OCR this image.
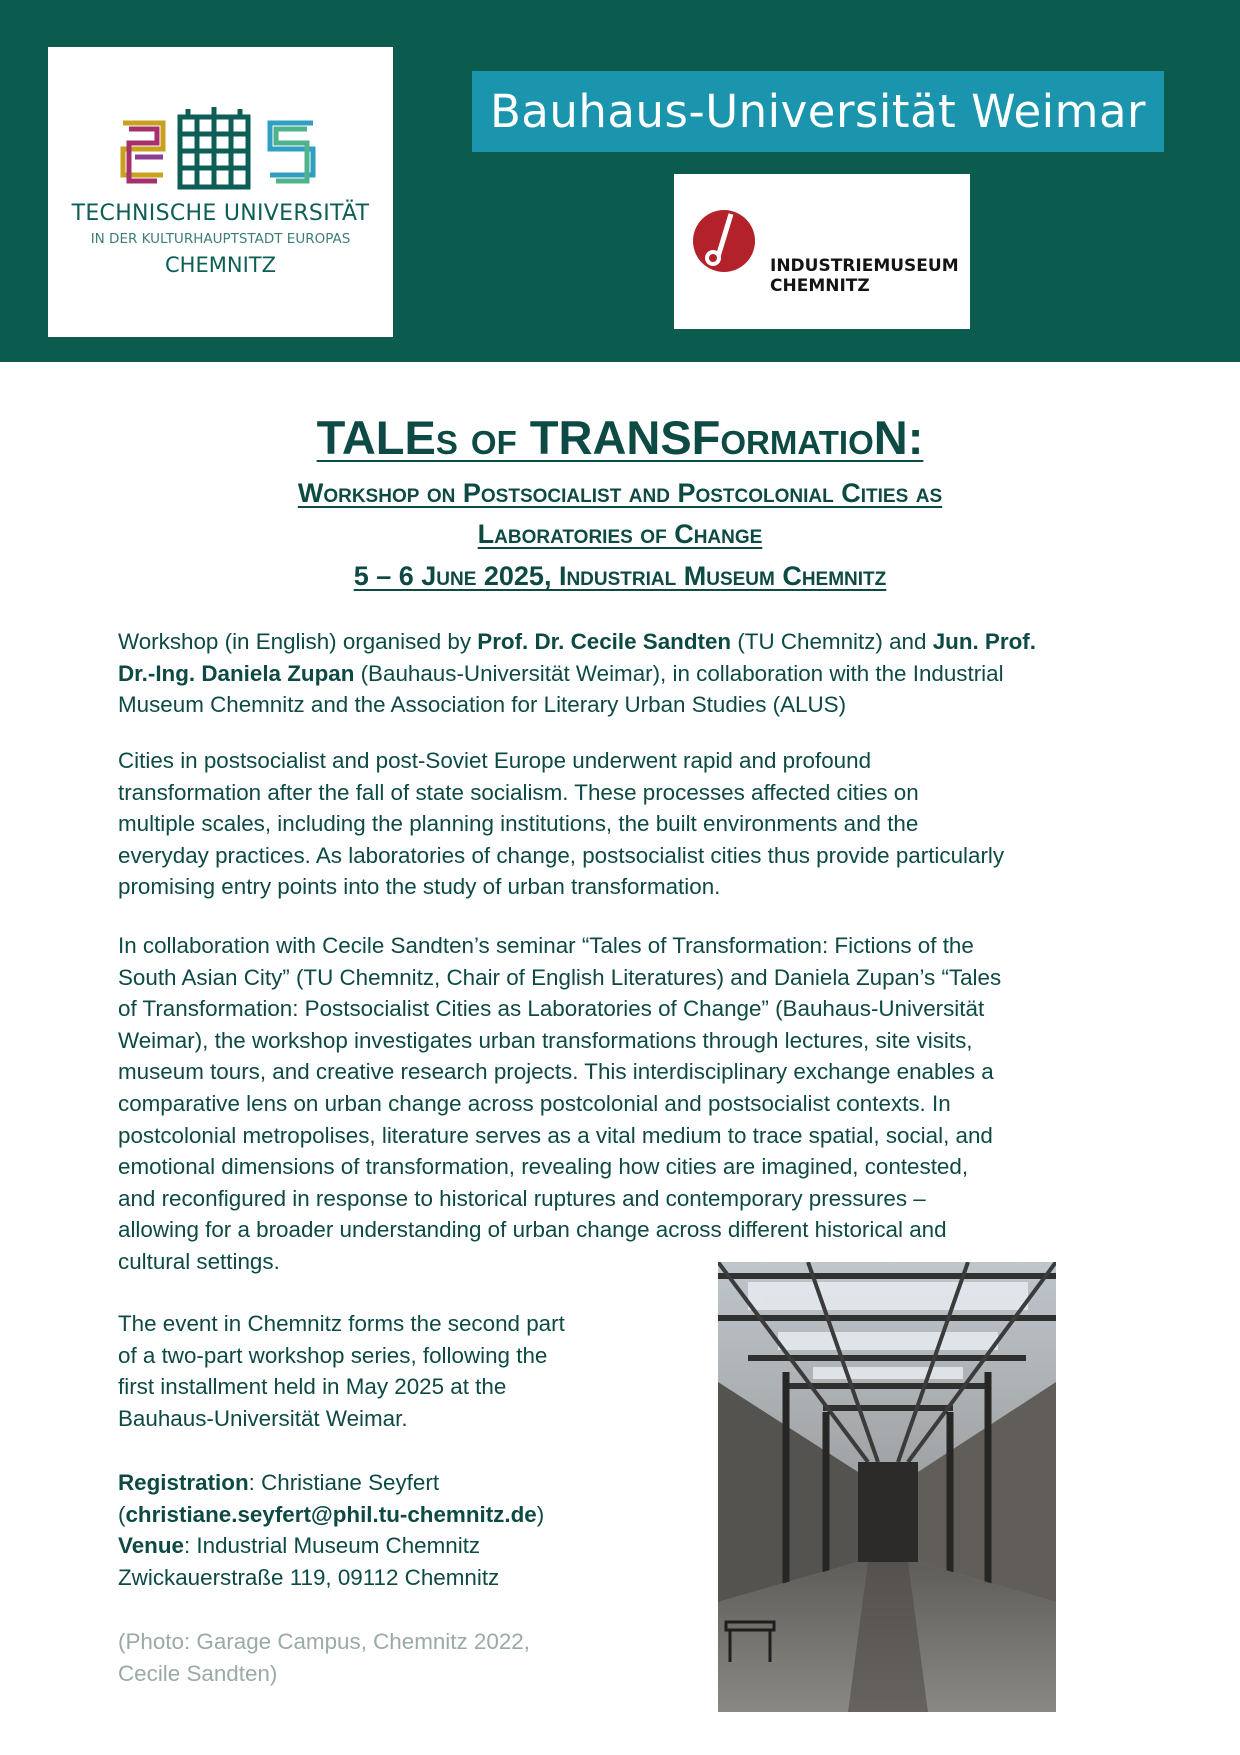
TECHNISCHE UNIVERSITÄT
IN DER KULTURHAUPTSTADT EUROPAS
CHEMNITZ
Bauhaus-Universität Weimar
INDUSTRIEMUSEUM
CHEMNITZ
TALEs of TRANSFormatioN:
Workshop on Postsocialist and Postcolonial Cities as
Laboratories of Change
5 – 6 June 2025, Industrial Museum Chemnitz
Workshop (in English) organised by Prof. Dr. Cecile Sandten (TU Chemnitz) and Jun. Prof.
Dr.-Ing. Daniela Zupan (Bauhaus-Universität Weimar), in collaboration with the Industrial
Museum Chemnitz and the Association for Literary Urban Studies (ALUS)
Cities in postsocialist and post-Soviet Europe underwent rapid and profound
transformation after the fall of state socialism. These processes affected cities on
multiple scales, including the planning institutions, the built environments and the
everyday practices. As laboratories of change, postsocialist cities thus provide particularly
promising entry points into the study of urban transformation.
In collaboration with Cecile Sandten’s seminar “Tales of Transformation: Fictions of the
South Asian City” (TU Chemnitz, Chair of English Literatures) and Daniela Zupan’s “Tales
of Transformation: Postsocialist Cities as Laboratories of Change” (Bauhaus-Universität
Weimar), the workshop investigates urban transformations through lectures, site visits,
museum tours, and creative research projects. This interdisciplinary exchange enables a
comparative lens on urban change across postcolonial and postsocialist contexts. In
postcolonial metropolises, literature serves as a vital medium to trace spatial, social, and
emotional dimensions of transformation, revealing how cities are imagined, contested,
and reconfigured in response to historical ruptures and contemporary pressures –
allowing for a broader understanding of urban change across different historical and
cultural settings.
The event in Chemnitz forms the second part
of a two-part workshop series, following the
first installment held in May 2025 at the
Bauhaus-Universität Weimar.
Registration: Christiane Seyfert
(christiane.seyfert@phil.tu-chemnitz.de)
Venue: Industrial Museum Chemnitz
Zwickauerstraße 119, 09112 Chemnitz
(Photo: Garage Campus, Chemnitz 2022,
Cecile Sandten)
